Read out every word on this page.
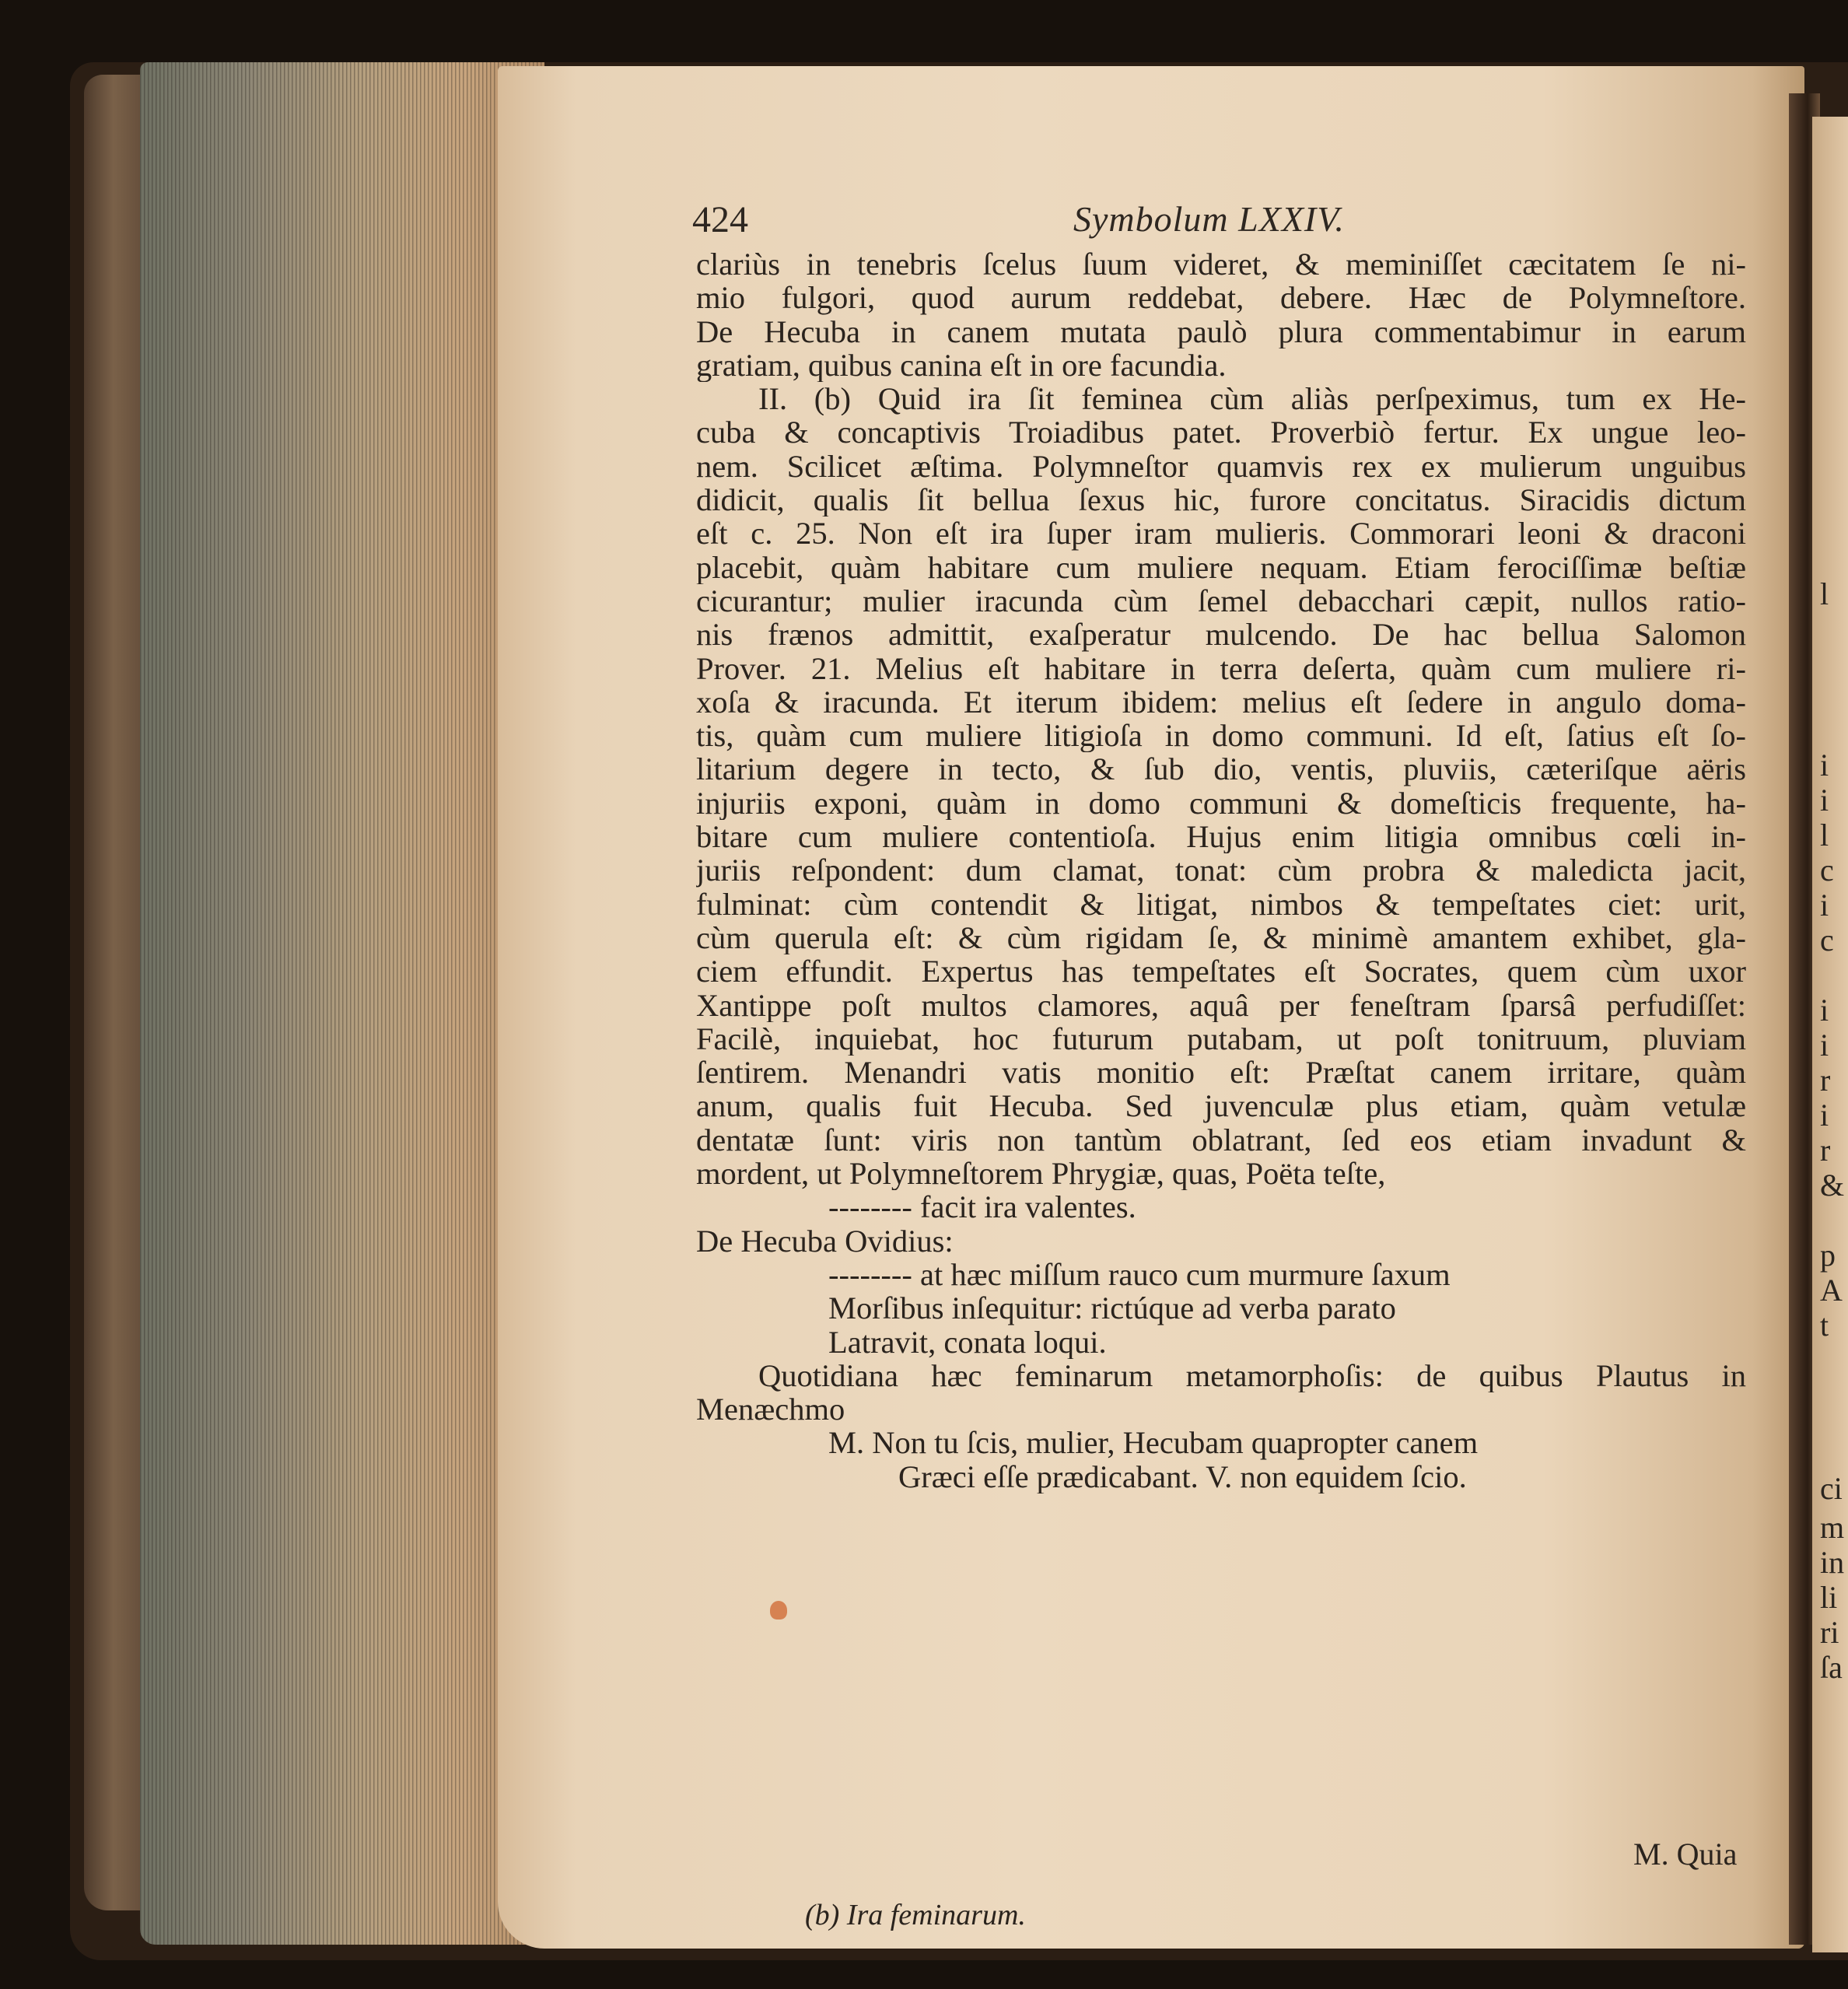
l
i
i
l
c
i
c
i
i
r
i
r
&
p
A
t
ci
m
in
li
ri
ſa
424	Symbolum LXXIV.
clariùs in tenebris ſcelus ſuum videret, & meminiſſet cæcitatem ſe ni-
mio fulgori, quod aurum reddebat, debere. Hæc de Polymneſtore.
De Hecuba in canem mutata paulò plura commentabimur in earum
gratiam, quibus canina eſt in ore facundia.
II. (b) Quid ira ſit feminea cùm aliàs perſpeximus, tum ex He-
cuba & concaptivis Troiadibus patet. Proverbiò fertur. Ex ungue leo-
nem. Scilicet æſtima. Polymneſtor quamvis rex ex mulierum unguibus
didicit, qualis ſit bellua ſexus hic, furore concitatus. Siracidis dictum
eſt c. 25. Non eſt ira ſuper iram mulieris. Commorari leoni & draconi
placebit, quàm habitare cum muliere nequam. Etiam ferociſſimæ beſtiæ
cicurantur; mulier iracunda cùm ſemel debacchari cæpit, nullos ratio-
nis frænos admittit, exaſperatur mulcendo. De hac bellua Salomon
Prover. 21. Melius eſt habitare in terra deſerta, quàm cum muliere ri-
xoſa & iracunda. Et iterum ibidem: melius eſt ſedere in angulo doma-
tis, quàm cum muliere litigioſa in domo communi. Id eſt, ſatius eſt ſo-
litarium degere in tecto, & ſub dio, ventis, pluviis, cæteriſque aëris
injuriis exponi, quàm in domo communi & domeſticis frequente, ha-
bitare cum muliere contentioſa. Hujus enim litigia omnibus cœli in-
juriis reſpondent: dum clamat, tonat: cùm probra & maledicta jacit,
fulminat: cùm contendit & litigat, nimbos & tempeſtates ciet: urit,
cùm querula eſt: & cùm rigidam ſe, & minimè amantem exhibet, gla-
ciem effundit. Expertus has tempeſtates eſt Socrates, quem cùm uxor
Xantippe poſt multos clamores, aquâ per feneſtram ſparsâ perfudiſſet:
Facilè, inquiebat, hoc futurum putabam, ut poſt tonitruum, pluviam
ſentirem. Menandri vatis monitio eſt: Præſtat canem irritare, quàm
anum, qualis fuit Hecuba. Sed juvenculæ plus etiam, quàm vetulæ
dentatæ ſunt: viris non tantùm oblatrant, ſed eos etiam invadunt &
mordent, ut Polymneſtorem Phrygiæ, quas, Poëta teſte,
-------- facit ira valentes.
De Hecuba Ovidius:
-------- at hæc miſſum rauco cum murmure ſaxum
Morſibus inſequitur: rictúque ad verba parato
Latravit, conata loqui.
Quotidiana hæc feminarum metamorphoſis: de quibus Plautus in
Menæchmo
M. Non tu ſcis, mulier, Hecubam quapropter canem
Græci eſſe prædicabant. V. non equidem ſcio.
M. Quia
(b) Ira feminarum.
